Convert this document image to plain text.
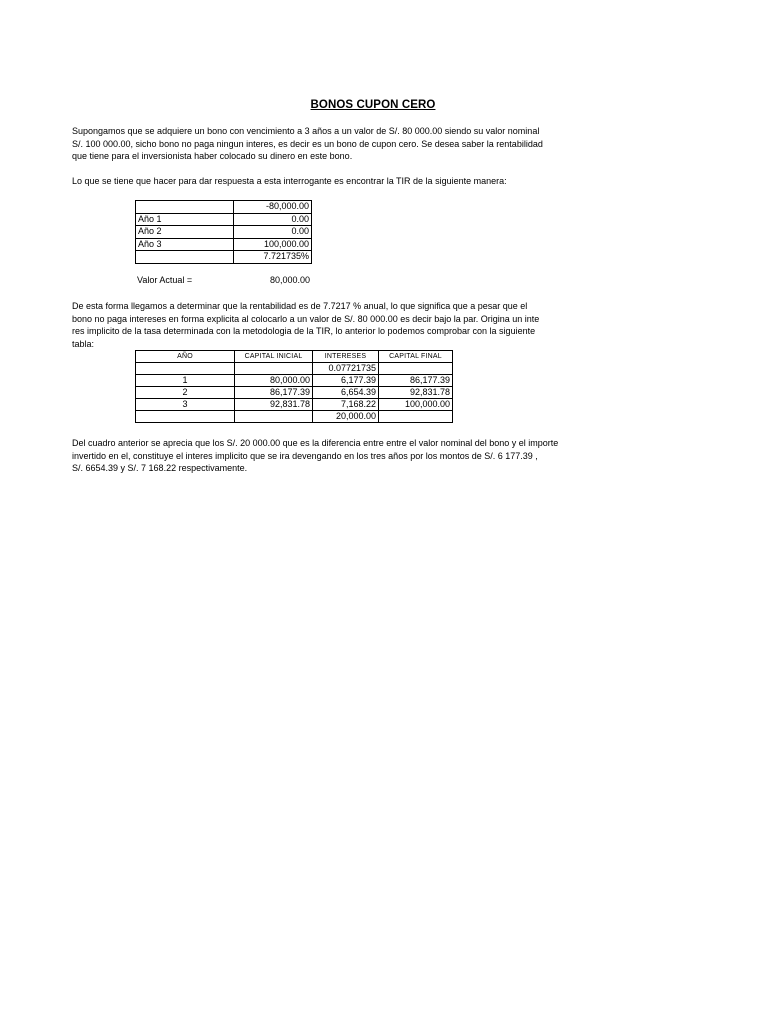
BONOS CUPON CERO

Supongamos que se adquiere un bono con vencimiento a 3 años a un valor de S/. 80 000.00 siendo su valor nominal
S/. 100 000.00, sicho bono no paga ningun interes, es decir es un bono de cupon cero. Se desea saber la rentabilidad
que tiene para el inversionista haber colocado su dinero en este bono.

Lo que se tiene que hacer para dar respuesta a esta interrogante es encontrar la TIR de la siguiente manera:

	-80,000.00
Año 1	0.00
Año 2	0.00
Año 3	100,000.00
	7.721735%
Valor Actual =	80,000.00

De esta forma llegamos a determinar que la rentabilidad es de 7.7217 % anual, lo que significa que a pesar que el
bono no paga intereses en forma explicita al colocarlo a un valor de S/. 80 000.00 es decir bajo la par. Origina un inte
res implicito de la tasa determinada con la metodologia de la TIR, lo anterior lo podemos comprobar con la siguiente
tabla:

AÑO	CAPITAL INICIAL	INTERESES	CAPITAL FINAL
		0.07721735	
1	80,000.00	6,177.39	86,177.39
2	86,177.39	6,654.39	92,831.78
3	92,831.78	7,168.22	100,000.00
		20,000.00	

Del cuadro anterior se aprecia que los S/. 20 000.00 que es la diferencia entre entre el valor nominal del bono y el importe
invertido en el, constituye el interes implicito que se ira devengando en los tres años por los montos de S/. 6 177.39 ,
S/. 6654.39 y S/. 7 168.22 respectivamente.
